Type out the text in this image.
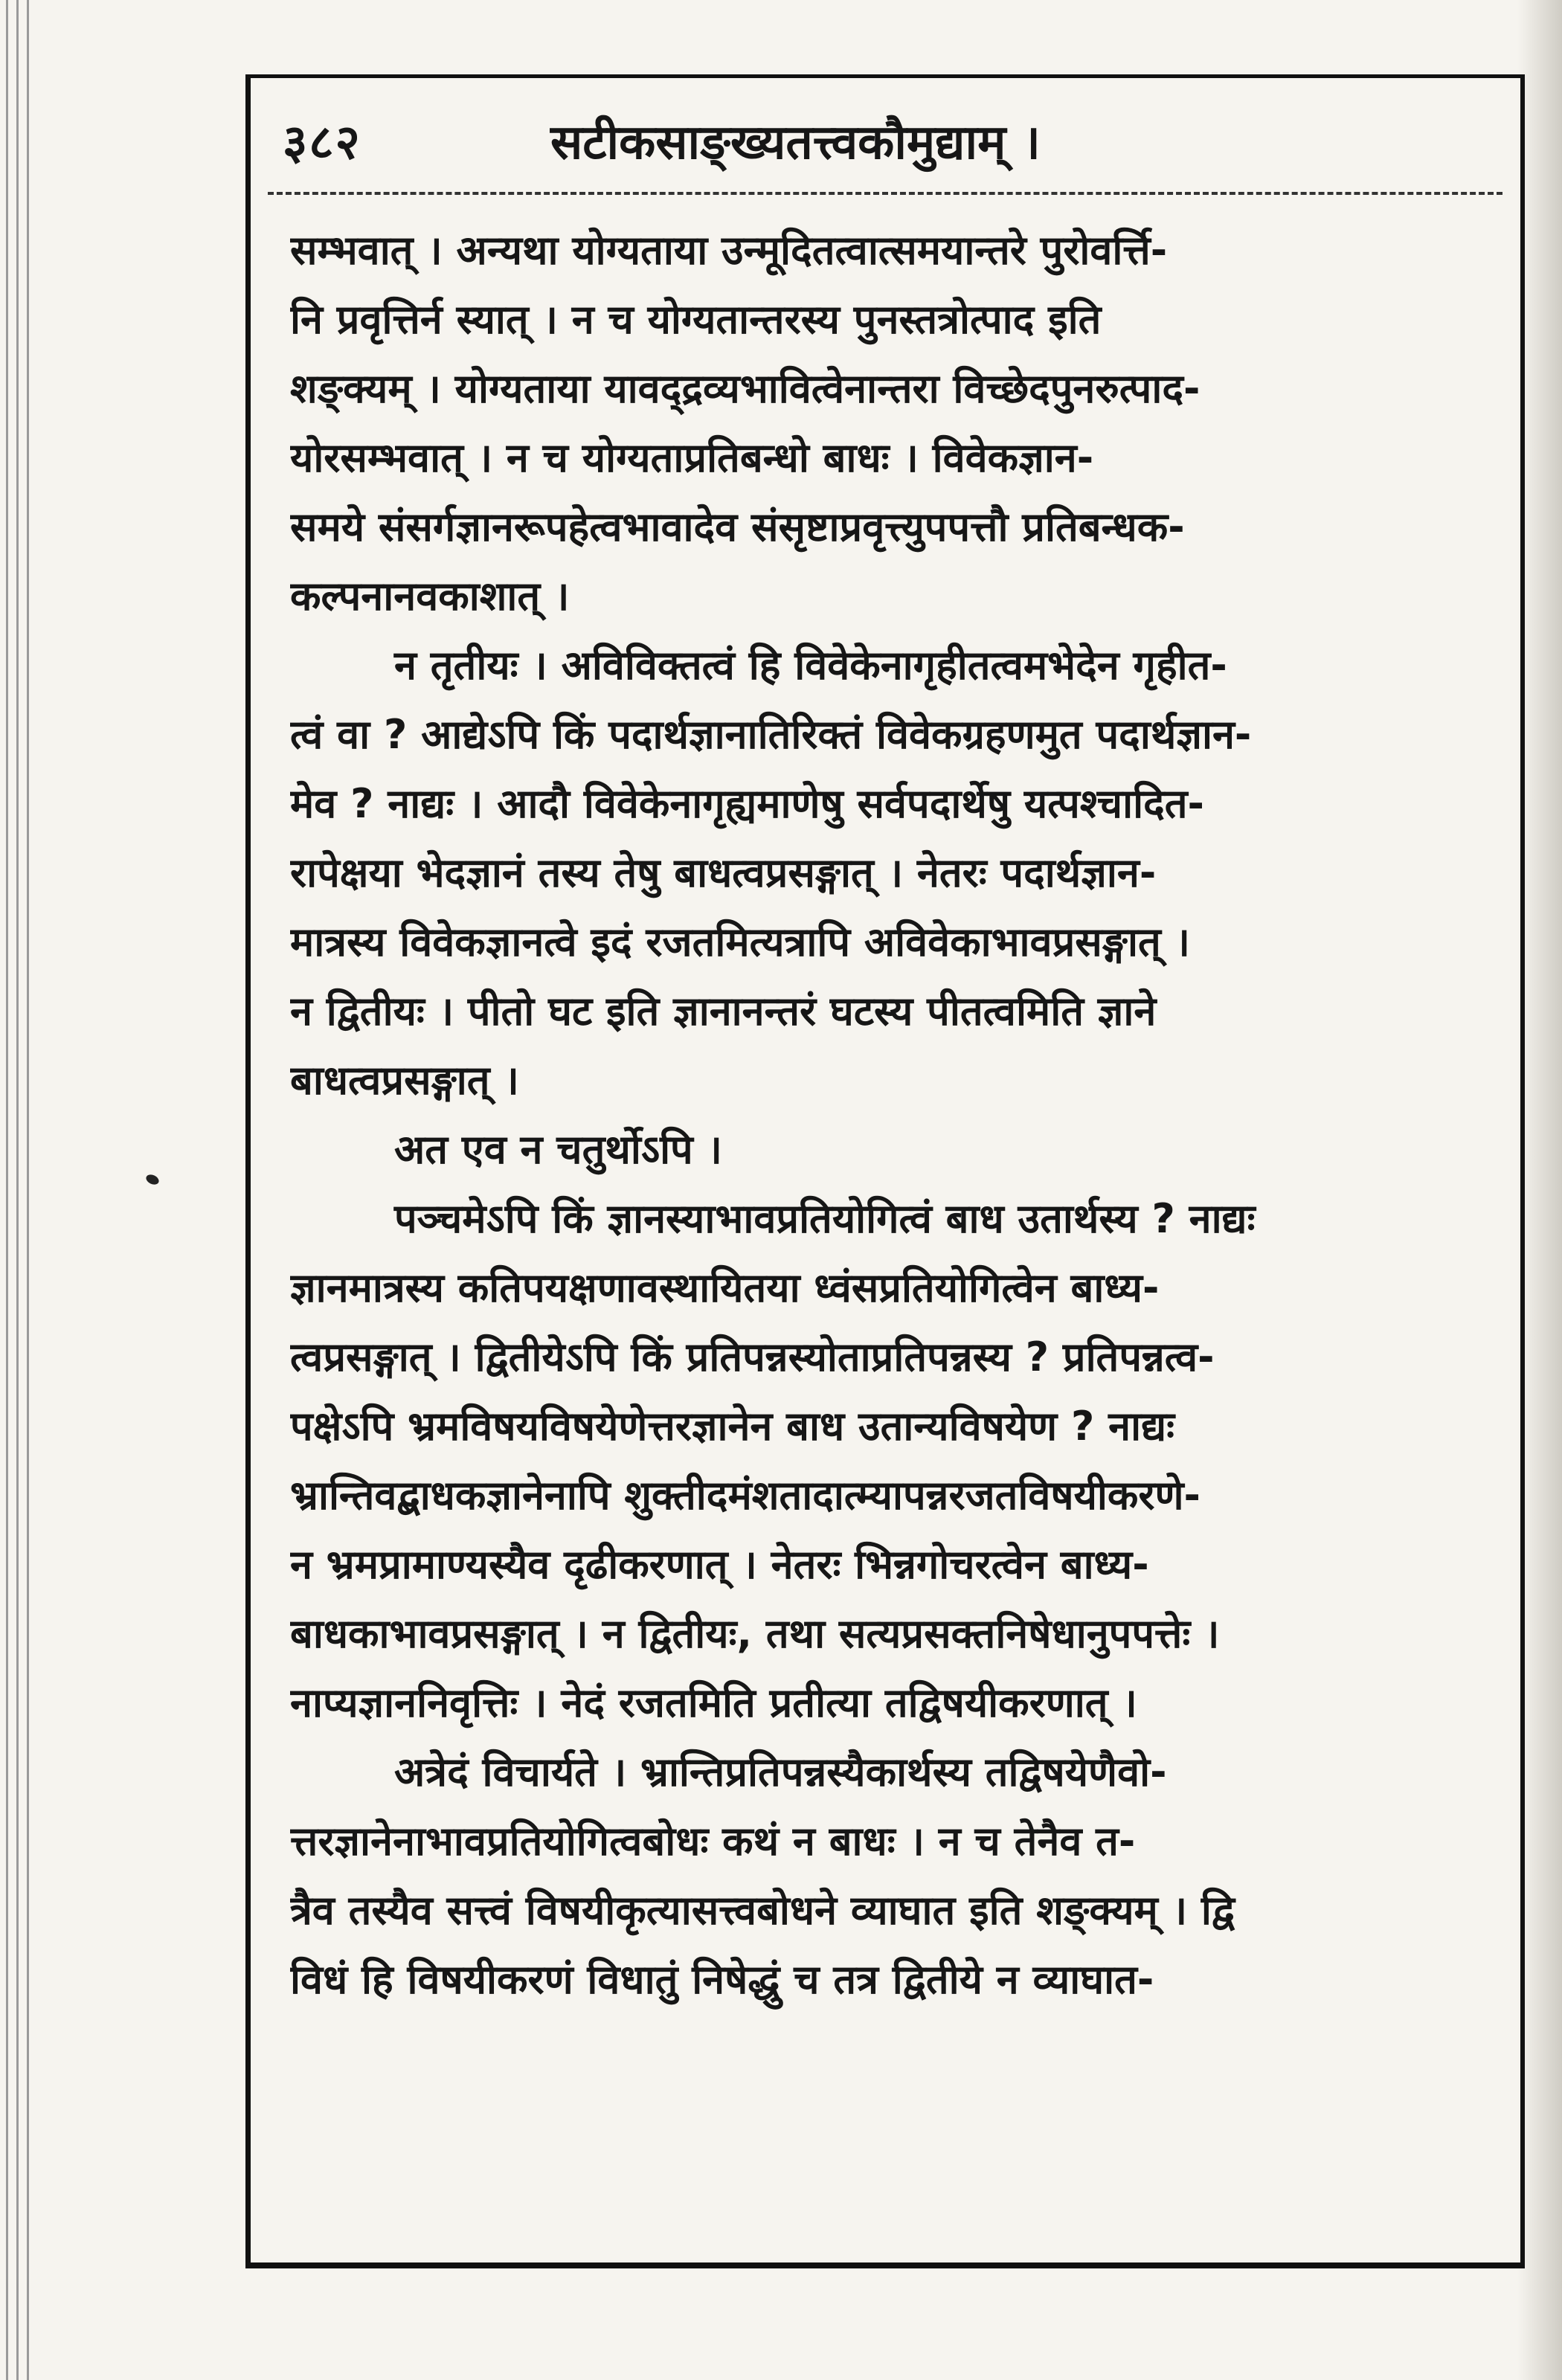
३८२	सटीकसाङ्ख्यतत्त्वकौमुद्याम् ।
सम्भवात् । अन्यथा योग्यताया उन्मूदितत्वात्समयान्तरे पुरोवर्त्ति-
नि प्रवृत्तिर्न स्यात् । न च योग्यतान्तरस्य पुनस्तत्रोत्पाद इति
शङ्क्यम् । योग्यताया यावद्द्रव्यभावित्वेनान्तरा विच्छेदपुनरुत्पाद-
योरसम्भवात् । न च योग्यताप्रतिबन्धो बाधः । विवेकज्ञान-
समये संसर्गज्ञानरूपहेत्वभावादेव संसृष्टाप्रवृत्त्युपपत्तौ प्रतिबन्धक-
कल्पनानवकाशात् ।
न तृतीयः । अविविक्तत्वं हि विवेकेनागृहीतत्वमभेदेन गृहीत-
त्वं वा ? आद्येऽपि किं पदार्थज्ञानातिरिक्तं विवेकग्रहणमुत पदार्थज्ञान-
मेव ? नाद्यः । आदौ विवेकेनागृह्यमाणेषु सर्वपदार्थेषु यत्पश्चादित-
रापेक्षया भेदज्ञानं तस्य तेषु बाधत्वप्रसङ्गात् । नेतरः पदार्थज्ञान-
मात्रस्य विवेकज्ञानत्वे इदं रजतमित्यत्रापि अविवेकाभावप्रसङ्गात् ।
न द्वितीयः । पीतो घट इति ज्ञानानन्तरं घटस्य पीतत्वमिति ज्ञाने
बाधत्वप्रसङ्गात् ।
अत एव न चतुर्थोऽपि ।
पञ्चमेऽपि किं ज्ञानस्याभावप्रतियोगित्वं बाध उतार्थस्य ? नाद्यः
ज्ञानमात्रस्य कतिपयक्षणावस्थायितया ध्वंसप्रतियोगित्वेन बाध्य-
त्वप्रसङ्गात् । द्वितीयेऽपि किं प्रतिपन्नस्योताप्रतिपन्नस्य ? प्रतिपन्नत्व-
पक्षेऽपि भ्रमविषयविषयेणेत्तरज्ञानेन बाध उतान्यविषयेण ? नाद्यः
भ्रान्तिवद्बाधकज्ञानेनापि शुक्तीदमंशतादात्म्यापन्नरजतविषयीकरणे-
न भ्रमप्रामाण्यस्यैव दृढीकरणात् । नेतरः भिन्नगोचरत्वेन बाध्य-
बाधकाभावप्रसङ्गात् । न द्वितीयः, तथा सत्यप्रसक्तनिषेधानुपपत्तेः ।
नाप्यज्ञाननिवृत्तिः । नेदं रजतमिति प्रतीत्या तद्विषयीकरणात् ।
अत्रेदं विचार्यते । भ्रान्तिप्रतिपन्नस्यैकार्थस्य तद्विषयेणैवो-
त्तरज्ञानेनाभावप्रतियोगित्वबोधः कथं न बाधः । न च तेनैव त-
त्रैव तस्यैव सत्त्वं विषयीकृत्यासत्त्वबोधने व्याघात इति शङ्क्यम् । द्वि
विधं हि विषयीकरणं विधातुं निषेद्धुं च तत्र द्वितीये न व्याघात-
